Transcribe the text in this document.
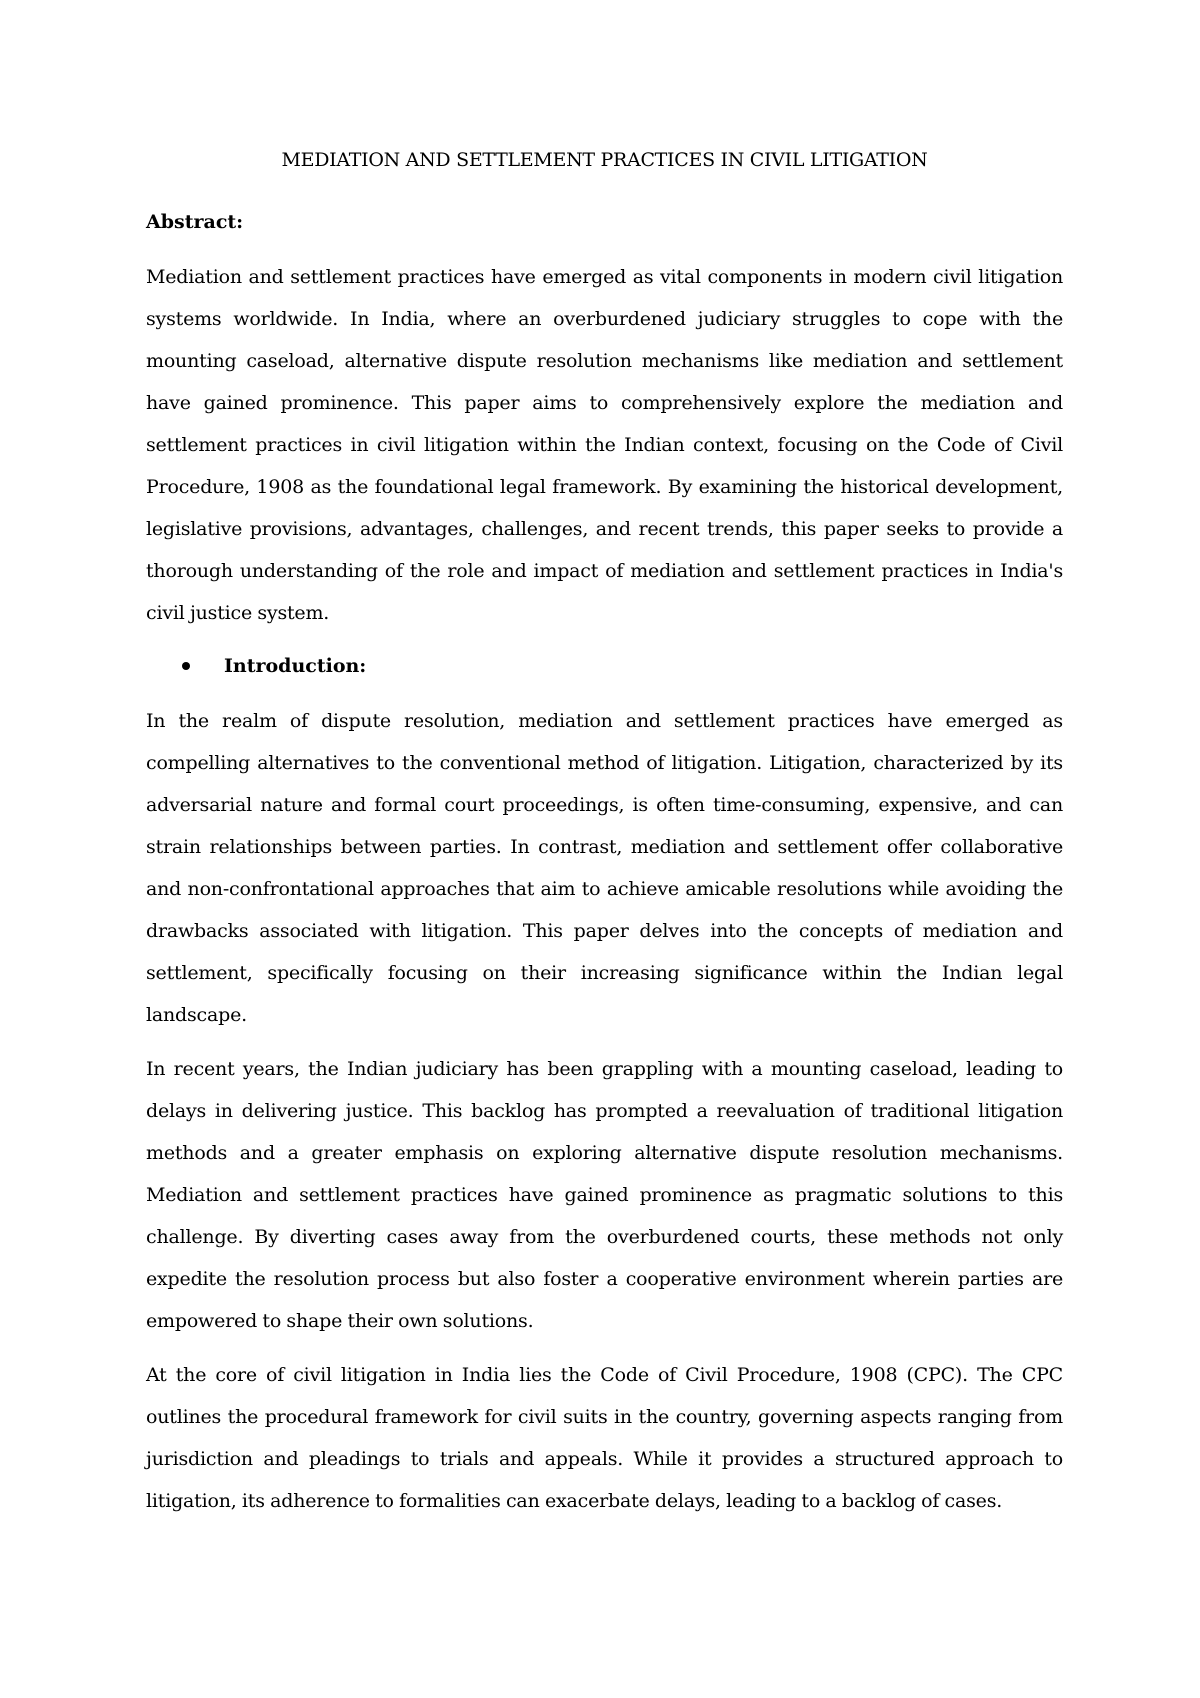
MEDIATION AND SETTLEMENT PRACTICES IN CIVIL LITIGATION
Abstract:

Mediation and settlement practices have emerged as vital components in modern civil litigation systems worldwide. In India, where an overburdened judiciary struggles to cope with the mounting caseload, alternative dispute resolution mechanisms like mediation and settlement have gained prominence. This paper aims to comprehensively explore the mediation and settlement practices in civil litigation within the Indian context, focusing on the Code of Civil Procedure, 1908 as the foundational legal framework. By examining the historical development, legislative provisions, advantages, challenges, and recent trends, this paper seeks to provide a thorough understanding of the role and impact of mediation and settlement practices in India's civil justice system.

Introduction:

In the realm of dispute resolution, mediation and settlement practices have emerged as compelling alternatives to the conventional method of litigation. Litigation, characterized by its adversarial nature and formal court proceedings, is often time-consuming, expensive, and can strain relationships between parties. In contrast, mediation and settlement offer collaborative and non-confrontational approaches that aim to achieve amicable resolutions while avoiding the drawbacks associated with litigation. This paper delves into the concepts of mediation and settlement, specifically focusing on their increasing significance within the Indian legal landscape.

In recent years, the Indian judiciary has been grappling with a mounting caseload, leading to delays in delivering justice. This backlog has prompted a reevaluation of traditional litigation methods and a greater emphasis on exploring alternative dispute resolution mechanisms. Mediation and settlement practices have gained prominence as pragmatic solutions to this challenge. By diverting cases away from the overburdened courts, these methods not only expedite the resolution process but also foster a cooperative environment wherein parties are empowered to shape their own solutions.

At the core of civil litigation in India lies the Code of Civil Procedure, 1908 (CPC). The CPC outlines the procedural framework for civil suits in the country, governing aspects ranging from jurisdiction and pleadings to trials and appeals. While it provides a structured approach to litigation, its adherence to formalities can exacerbate delays, leading to a backlog of cases.
